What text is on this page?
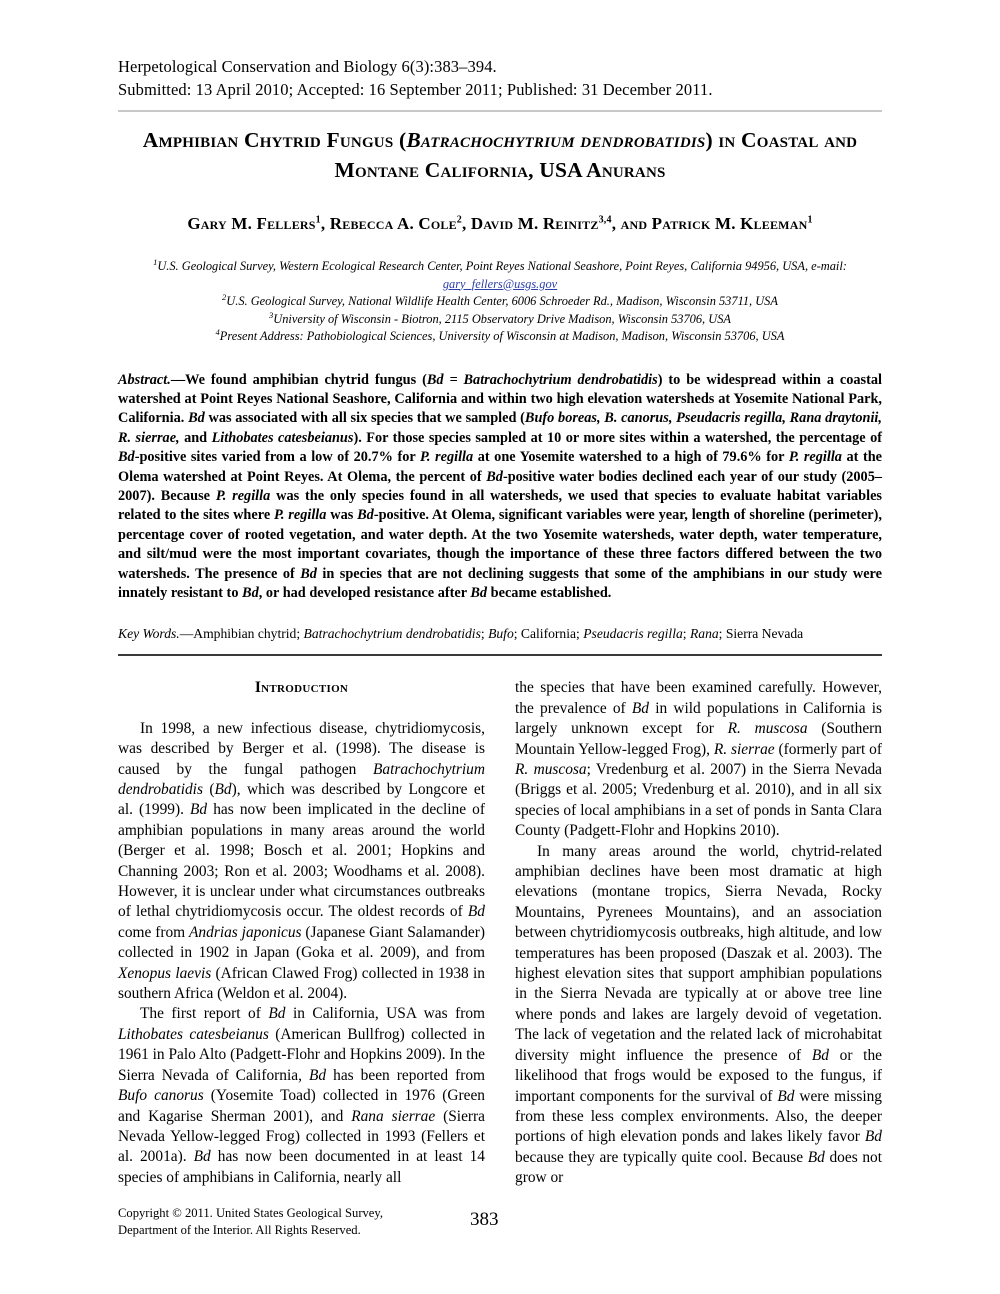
Herpetological Conservation and Biology 6(3):383–394.
Submitted: 13 April 2010; Accepted: 16 September 2011; Published: 31 December 2011.
Amphibian Chytrid Fungus (Batrachochytrium dendrobatidis) in Coastal and Montane California, USA Anurans
Gary M. Fellers$^1$, Rebecca A. Cole$^2$, David M. Reinitz$^{3,4}$, and Patrick M. Kleeman$^1$
$^1$U.S. Geological Survey, Western Ecological Research Center, Point Reyes National Seashore, Point Reyes, California 94956, USA, e-mail: gary_fellers@usgs.gov
$^2$U.S. Geological Survey, National Wildlife Health Center, 6006 Schroeder Rd., Madison, Wisconsin 53711, USA
$^3$University of Wisconsin - Biotron, 2115 Observatory Drive Madison, Wisconsin 53706, USA
$^4$Present Address: Pathobiological Sciences, University of Wisconsin at Madison, Madison, Wisconsin 53706, USA
Abstract.—We found amphibian chytrid fungus (Bd = Batrachochytrium dendrobatidis) to be widespread within a coastal watershed at Point Reyes National Seashore, California and within two high elevation watersheds at Yosemite National Park, California. Bd was associated with all six species that we sampled (Bufo boreas, B. canorus, Pseudacris regilla, Rana draytonii, R. sierrae, and Lithobates catesbeianus). For those species sampled at 10 or more sites within a watershed, the percentage of Bd-positive sites varied from a low of 20.7% for P. regilla at one Yosemite watershed to a high of 79.6% for P. regilla at the Olema watershed at Point Reyes. At Olema, the percent of Bd-positive water bodies declined each year of our study (2005–2007). Because P. regilla was the only species found in all watersheds, we used that species to evaluate habitat variables related to the sites where P. regilla was Bd-positive. At Olema, significant variables were year, length of shoreline (perimeter), percentage cover of rooted vegetation, and water depth. At the two Yosemite watersheds, water depth, water temperature, and silt/mud were the most important covariates, though the importance of these three factors differed between the two watersheds. The presence of Bd in species that are not declining suggests that some of the amphibians in our study were innately resistant to Bd, or had developed resistance after Bd became established.
Key Words.—Amphibian chytrid; Batrachochytrium dendrobatidis; Bufo; California; Pseudacris regilla; Rana; Sierra Nevada
Introduction

In 1998, a new infectious disease, chytridiomycosis, was described by Berger et al. (1998). The disease is caused by the fungal pathogen Batrachochytrium dendrobatidis (Bd), which was described by Longcore et al. (1999). Bd has now been implicated in the decline of amphibian populations in many areas around the world (Berger et al. 1998; Bosch et al. 2001; Hopkins and Channing 2003; Ron et al. 2003; Woodhams et al. 2008). However, it is unclear under what circumstances outbreaks of lethal chytridiomycosis occur. The oldest records of Bd come from Andrias japonicus (Japanese Giant Salamander) collected in 1902 in Japan (Goka et al. 2009), and from Xenopus laevis (African Clawed Frog) collected in 1938 in southern Africa (Weldon et al. 2004).

The first report of Bd in California, USA was from Lithobates catesbeianus (American Bullfrog) collected in 1961 in Palo Alto (Padgett-Flohr and Hopkins 2009). In the Sierra Nevada of California, Bd has been reported from Bufo canorus (Yosemite Toad) collected in 1976 (Green and Kagarise Sherman 2001), and Rana sierrae (Sierra Nevada Yellow-legged Frog) collected in 1993 (Fellers et al. 2001a). Bd has now been documented in at least 14 species of amphibians in California, nearly all

the species that have been examined carefully. However, the prevalence of Bd in wild populations in California is largely unknown except for R. muscosa (Southern Mountain Yellow-legged Frog), R. sierrae (formerly part of R. muscosa; Vredenburg et al. 2007) in the Sierra Nevada (Briggs et al. 2005; Vredenburg et al. 2010), and in all six species of local amphibians in a set of ponds in Santa Clara County (Padgett-Flohr and Hopkins 2010).

In many areas around the world, chytrid-related amphibian declines have been most dramatic at high elevations (montane tropics, Sierra Nevada, Rocky Mountains, Pyrenees Mountains), and an association between chytridiomycosis outbreaks, high altitude, and low temperatures has been proposed (Daszak et al. 2003). The highest elevation sites that support amphibian populations in the Sierra Nevada are typically at or above tree line where ponds and lakes are largely devoid of vegetation. The lack of vegetation and the related lack of microhabitat diversity might influence the presence of Bd or the likelihood that frogs would be exposed to the fungus, if important components for the survival of Bd were missing from these less complex environments. Also, the deeper portions of high elevation ponds and lakes likely favor Bd because they are typically quite cool. Because Bd does not grow or

Copyright © 2011. United States Geological Survey,
Department of the Interior. All Rights Reserved.	383
